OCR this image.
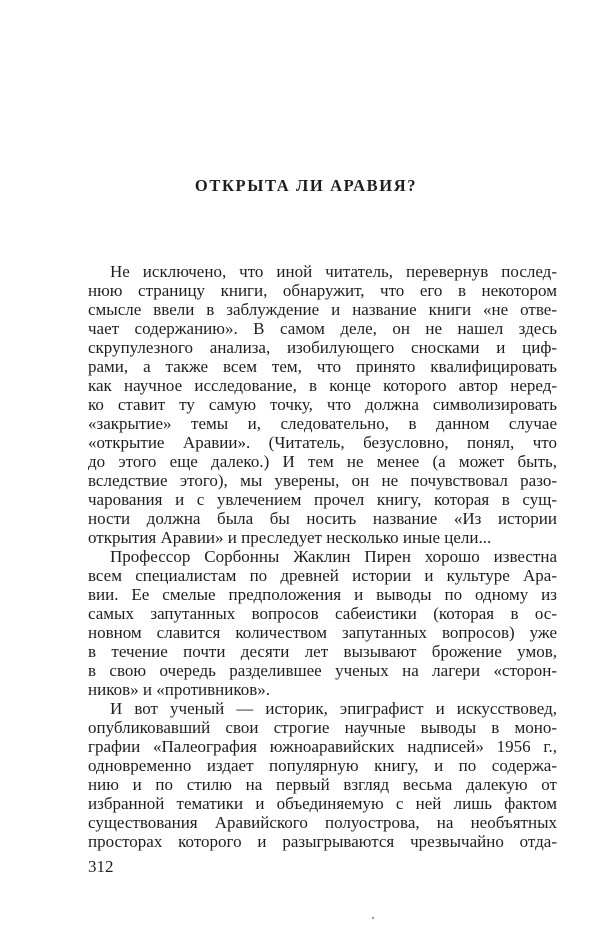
ОТКРЫТА ЛИ АРАВИЯ?
Не исключено, что иной читатель, перевернув послед-
нюю страницу книги, обнаружит, что его в некотором
смысле ввели в заблуждение и название книги «не отве-
чает содержанию». В самом деле, он не нашел здесь
скрупулезного анализа, изобилующего сносками и циф-
рами, а также всем тем, что принято квалифицировать
как научное исследование, в конце которого автор неред-
ко ставит ту самую точку, что должна символизировать
«закрытие» темы и, следовательно, в данном случае
«открытие Аравии». (Читатель, безусловно, понял, что
до этого еще далеко.) И тем не менее (а может быть,
вследствие этого), мы уверены, он не почувствовал разо-
чарования и с увлечением прочел книгу, которая в сущ-
ности должна была бы носить название «Из истории
открытия Аравии» и преследует несколько иные цели...
Профессор Сорбонны Жаклин Пирен хорошо известна
всем специалистам по древней истории и культуре Ара-
вии. Ее смелые предположения и выводы по одному из
самых запутанных вопросов сабеистики (которая в ос-
новном славится количеством запутанных вопросов) уже
в течение почти десяти лет вызывают брожение умов,
в свою очередь разделившее ученых на лагери «сторон-
ников» и «противников».
И вот ученый — историк, эпиграфист и искусствовед,
опубликовавший свои строгие научные выводы в моно-
графии «Палеография южноаравийских надписей» 1956 г.,
одновременно издает популярную книгу, и по содержа-
нию и по стилю на первый взгляд весьма далекую от
избранной тематики и объединяемую с ней лишь фактом
существования Аравийского полуострова, на необъятных
просторах которого и разыгрываются чрезвычайно отда-
312
